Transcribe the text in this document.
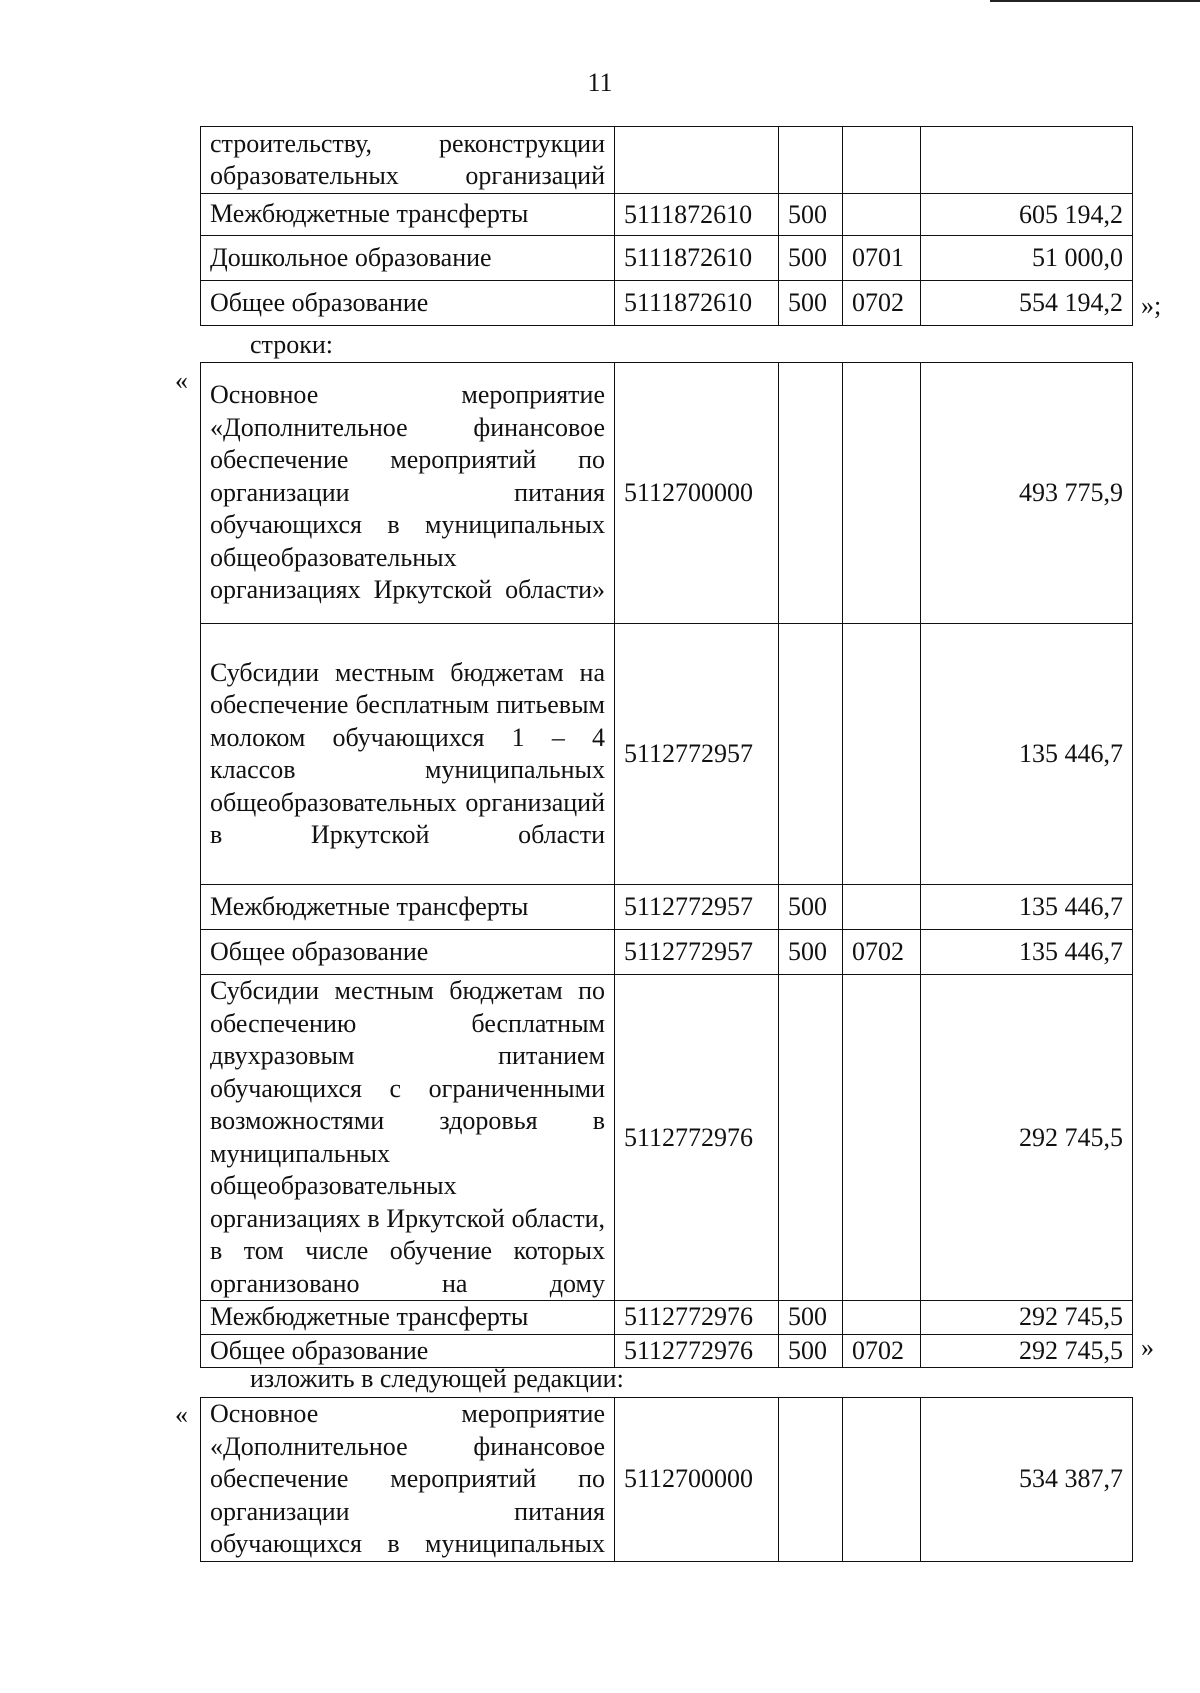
11
строительству, реконструкции образовательных организаций				
Межбюджетные трансферты	5111872610	500		605 194,2
Дошкольное образование	5111872610	500	0701	51 000,0
Общее образование	5111872610	500	0702	554 194,2 »;
строки:
« Основное мероприятие «Дополнительное финансовое обеспечение мероприятий по организации питания обучающихся в муниципальных общеобразовательных организациях Иркутской области»	5112700000			493 775,9
Субсидии местным бюджетам на обеспечение бесплатным питьевым молоком обучающихся 1 – 4 классов муниципальных общеобразовательных организаций в Иркутской области	5112772957			135 446,7
Межбюджетные трансферты	5112772957	500		135 446,7
Общее образование	5112772957	500	0702	135 446,7
Субсидии местным бюджетам по обеспечению бесплатным двухразовым питанием обучающихся с ограниченными возможностями здоровья в муниципальных общеобразовательных организациях в Иркутской области, в том числе обучение которых организовано на дому	5112772976			292 745,5
Межбюджетные трансферты	5112772976	500		292 745,5
Общее образование	5112772976	500	0702	292 745,5 »
изложить в следующей редакции:
« Основное мероприятие «Дополнительное финансовое обеспечение мероприятий по организации питания обучающихся в муниципальных	5112700000			534 387,7
